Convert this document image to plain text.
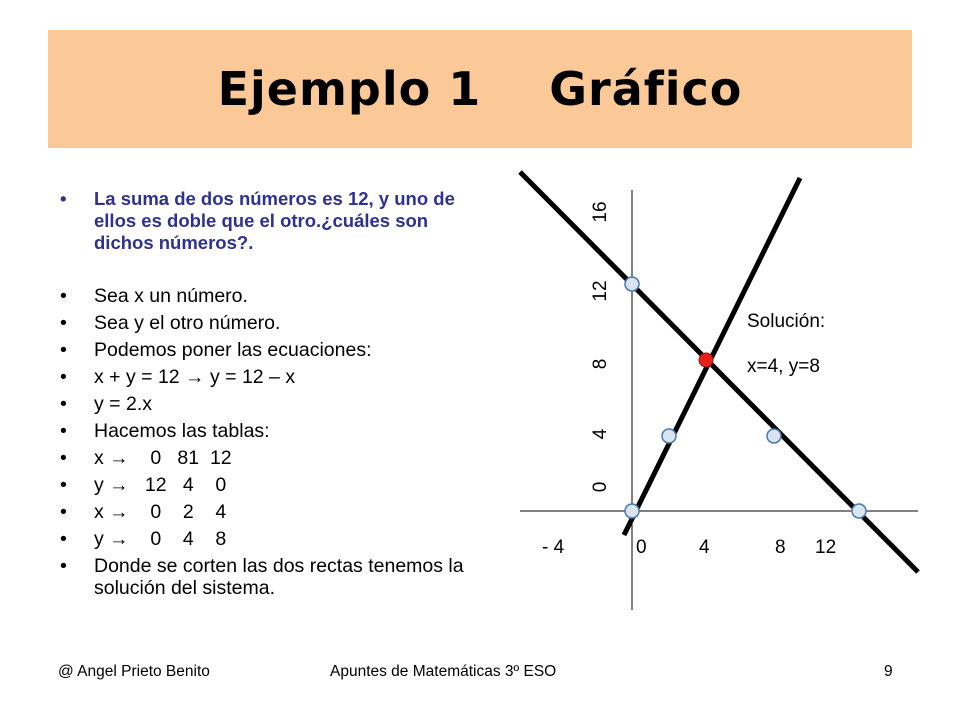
Ejemplo 1    Gráfico
• La suma de dos números es 12, y uno de ellos es doble que el otro.¿cuáles son dichos números?.
• Sea x un número.
• Sea y el otro número.
• Podemos poner las ecuaciones:
• x + y = 12 → y = 12 – x
• y = 2.x
• Hacemos las tablas:
• x →    0   81  12
• y →   12   4    0
• x →    0    2    4
• y →    0    4    8
• Donde se corten las dos rectas tenemos la solución del sistema.
- 4	0	4	8 12
0
4
8
12
16
Solución:
x=4, y=8
@ Angel Prieto Benito	Apuntes de Matemáticas 3º ESO	9
